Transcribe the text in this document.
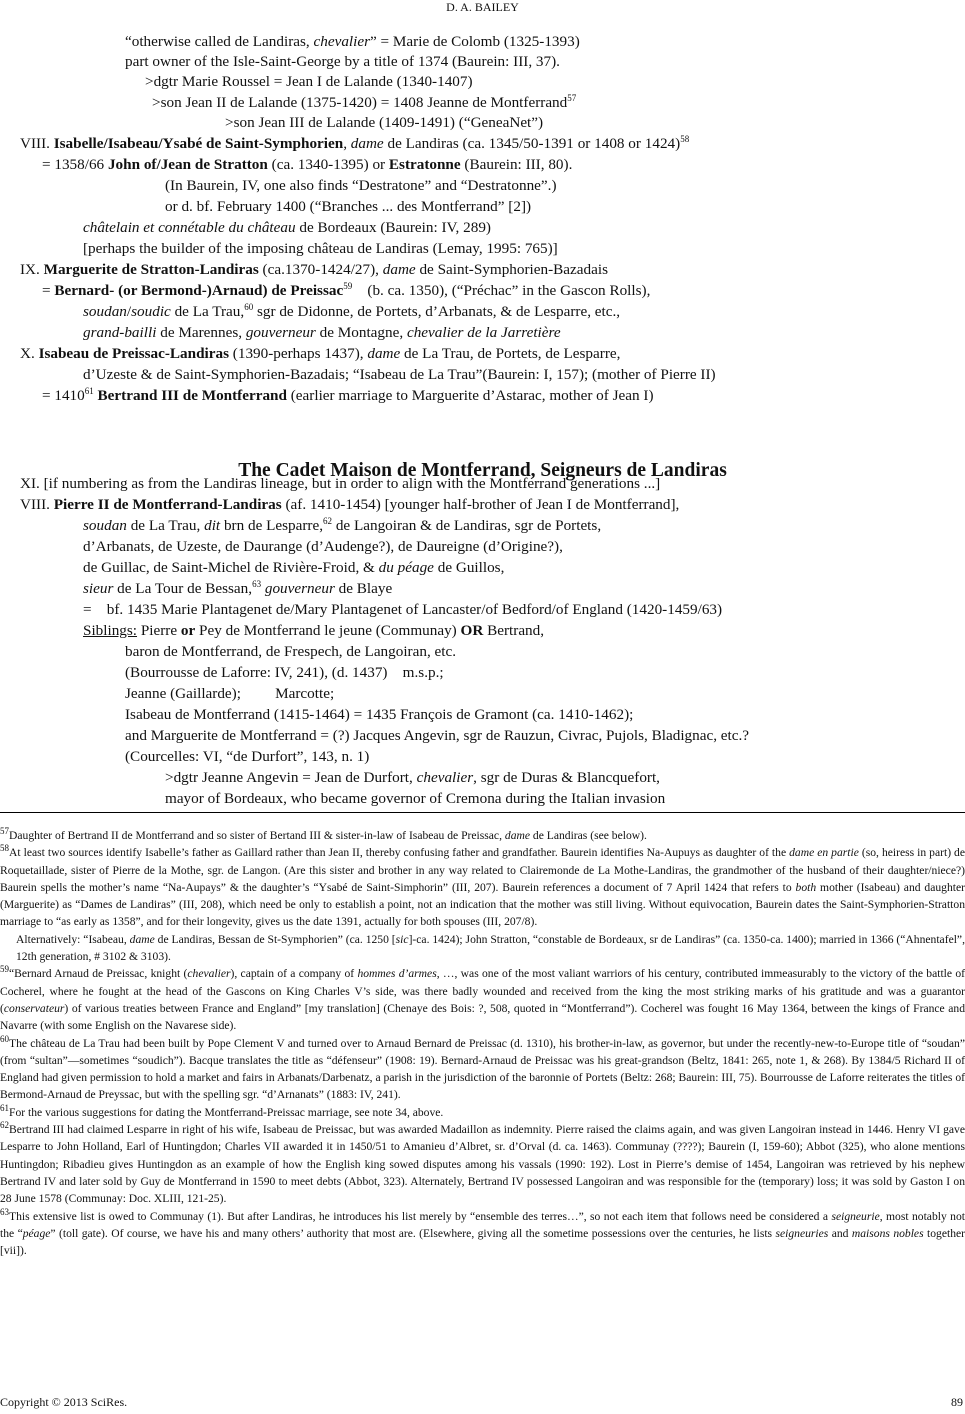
D. A. BAILEY
“otherwise called de Landiras, chevalier” = Marie de Colomb (1325-1393)
part owner of the Isle-Saint-George by a title of 1374 (Baurein: III, 37).
>dgtr Marie Roussel = Jean I de Lalande (1340-1407)
>son Jean II de Lalande (1375-1420) = 1408 Jeanne de Montferrand$^{57}$
>son Jean III de Lalande (1409-1491) (“GeneaNet”)
VIII. Isabelle/Isabeau/Ysabé de Saint-Symphorien, dame de Landiras (ca. 1345/50-1391 or 1408 or 1424)$^{58}$
= 1358/66 John of/Jean de Stratton (ca. 1340-1395) or Estratonne (Baurein: III, 80).
(In Baurein, IV, one also finds “Destratone” and “Destratonne”.)
or d. bf. February 1400 (“Branches ... des Montferrand” [2])
châtelain et connétable du château de Bordeaux (Baurein: IV, 289)
[perhaps the builder of the imposing château de Landiras (Lemay, 1995: 765)]
IX. Marguerite de Stratton-Landiras (ca.1370-1424/27), dame de Saint-Symphorien-Bazadais
= Bernard- (or Bermond-)Arnaud) de Preissac$^{59}$    (b. ca. 1350), (“Préchac” in the Gascon Rolls),
soudan/soudic de La Trau,$^{60}$ sgr de Didonne, de Portets, d’Arbanats, & de Lesparre, etc.,
grand-bailli de Marennes, gouverneur de Montagne, chevalier de la Jarretière
X. Isabeau de Preissac-Landiras (1390-perhaps 1437), dame de La Trau, de Portets, de Lesparre,
d’Uzeste & de Saint-Symphorien-Bazadais; “Isabeau de La Trau”(Baurein: I, 157); (mother of Pierre II)
= $1410^{61}$ Bertrand III de Montferrand (earlier marriage to Marguerite d’Astarac, mother of Jean I)
XI. [if numbering as from the Landiras lineage, but in order to align with the Montferrand generations ...]
VIII. Pierre II de Montferrand-Landiras (af. 1410-1454) [younger half-brother of Jean I de Montferrand],
soudan de La Trau, dit brn de Lesparre,$^{62}$ de Langoiran & de Landiras, sgr de Portets,
d’Arbanats, de Uzeste, de Daurange (d’Audenge?), de Daureigne (d’Origine?),
de Guillac, de Saint-Michel de Rivière-Froid, & du péage de Guillos,
sieur de La Tour de Bessan,$^{63}$ gouverneur de Blaye
=    bf. 1435 Marie Plantagenet de/Mary Plantagenet of Lancaster/of Bedford/of England (1420-1459/63)
Siblings: Pierre or Pey de Montferrand le jeune (Communay) OR Bertrand,
baron de Montferrand, de Frespech, de Langoiran, etc.
(Bourrousse de Laforre: IV, 241), (d. 1437)    m.s.p.;
Jeanne (Gaillarde);         Marcotte;
Isabeau de Montferrand (1415-1464) = 1435 François de Gramont (ca. 1410-1462);
and Marguerite de Montferrand = (?) Jacques Angevin, sgr de Rauzun, Civrac, Pujols, Bladignac, etc.?
(Courcelles: VI, “de Durfort”, 143, n. 1)
>dgtr Jeanne Angevin = Jean de Durfort, chevalier, sgr de Duras & Blancquefort,
mayor of Bordeaux, who became governor of Cremona during the Italian invasion
The Cadet Maison de Montferrand, Seigneurs de Landiras

$^{57}$Daughter of Bertrand II de Montferrand and so sister of Bertand III & sister-in-law of Isabeau de Preissac, dame de Landiras (see below).

$^{58}$At least two sources identify Isabelle’s father as Gaillard rather than Jean II, thereby confusing father and grandfather. Baurein identifies Na-Aupuys as daughter of the dame en partie (so, heiress in part) de Roquetaillade, sister of Pierre de la Mothe, sgr. de Langon. (Are this sister and brother in any way related to Clairemonde de La Mothe-Landiras, the grandmother of the husband of their daughter/niece?) Baurein spells the mother’s name “Na-Aupays” & the daughter’s “Ysabé de Saint-Simphorin” (III, 207). Baurein references a document of 7 April 1424 that refers to both mother (Isabeau) and daughter (Marguerite) as “Dames de Landiras” (III, 208), which need be only to establish a point, not an indication that the mother was still living. Without equivocation, Baurein dates the Saint-Symphorien-Stratton marriage to “as early as 1358”, and for their longevity, gives us the date 1391, actually for both spouses (III, 207/8).

Alternatively: “Isabeau, dame de Landiras, Bessan de St-Symphorien” (ca. 1250 [sic]-ca. 1424); John Stratton, “constable de Bordeaux, sr de Landiras” (ca. 1350-ca. 1400); married in 1366 (“Ahnentafel”, 12th generation, # 3102 & 3103).

$^{59}$“Bernard Arnaud de Preissac, knight (chevalier), captain of a company of hommes d’armes, …, was one of the most valiant warriors of his century, contributed immeasurably to the victory of the battle of Cocherel, where he fought at the head of the Gascons on King Charles V’s side, was there badly wounded and received from the king the most striking marks of his gratitude and was a guarantor (conservateur) of various treaties between France and England” [my translation] (Chenaye des Bois: ?, 508, quoted in “Montferrand”). Cocherel was fought 16 May 1364, between the kings of France and Navarre (with some English on the Navarese side).

$^{60}$The château de La Trau had been built by Pope Clement V and turned over to Arnaud Bernard de Preissac (d. 1310), his brother-in-law, as governor, but under the recently-new-to-Europe title of “soudan” (from “sultan”—sometimes “soudich”). Bacque translates the title as “défenseur” (1908: 19). Bernard-Arnaud de Preissac was his great-grandson (Beltz, 1841: 265, note 1, & 268). By 1384/5 Richard II of England had given permission to hold a market and fairs in Arbanats/Darbenatz, a parish in the jurisdiction of the baronnie of Portets (Beltz: 268; Baurein: III, 75). Bourrousse de Laforre reiterates the titles of Bermond-Arnaud de Preyssac, but with the spelling sgr. “d’Arnanats” (1883: IV, 241).

$^{61}$For the various suggestions for dating the Montferrand-Preissac marriage, see note 34, above.

$^{62}$Bertrand III had claimed Lesparre in right of his wife, Isabeau de Preissac, but was awarded Madaillon as indemnity. Pierre raised the claims again, and was given Langoiran instead in 1446. Henry VI gave Lesparre to John Holland, Earl of Huntingdon; Charles VII awarded it in 1450/51 to Amanieu d’Albret, sr. d’Orval (d. ca. 1463). Communay (????); Baurein (I, 159-60); Abbot (325), who alone mentions Huntingdon; Ribadieu gives Huntingdon as an example of how the English king sowed disputes among his vassals (1990: 192). Lost in Pierre’s demise of 1454, Langoiran was retrieved by his nephew Bertrand IV and later sold by Guy de Montferrand in 1590 to meet debts (Abbot, 323). Alternately, Bertrand IV possessed Langoiran and was responsible for the (temporary) loss; it was sold by Gaston I on 28 June 1578 (Communay: Doc. XLIII, 121-25).

$^{63}$This extensive list is owed to Communay (1). But after Landiras, he introduces his list merely by “ensemble des terres…”, so not each item that follows need be considered a seigneurie, most notably not the “péage” (toll gate). Of course, we have his and many others’ authority that most are. (Elsewhere, giving all the sometime possessions over the centuries, he lists seigneuries and maisons nobles together [vii]).

Copyright © 2013 SciRes.	89
